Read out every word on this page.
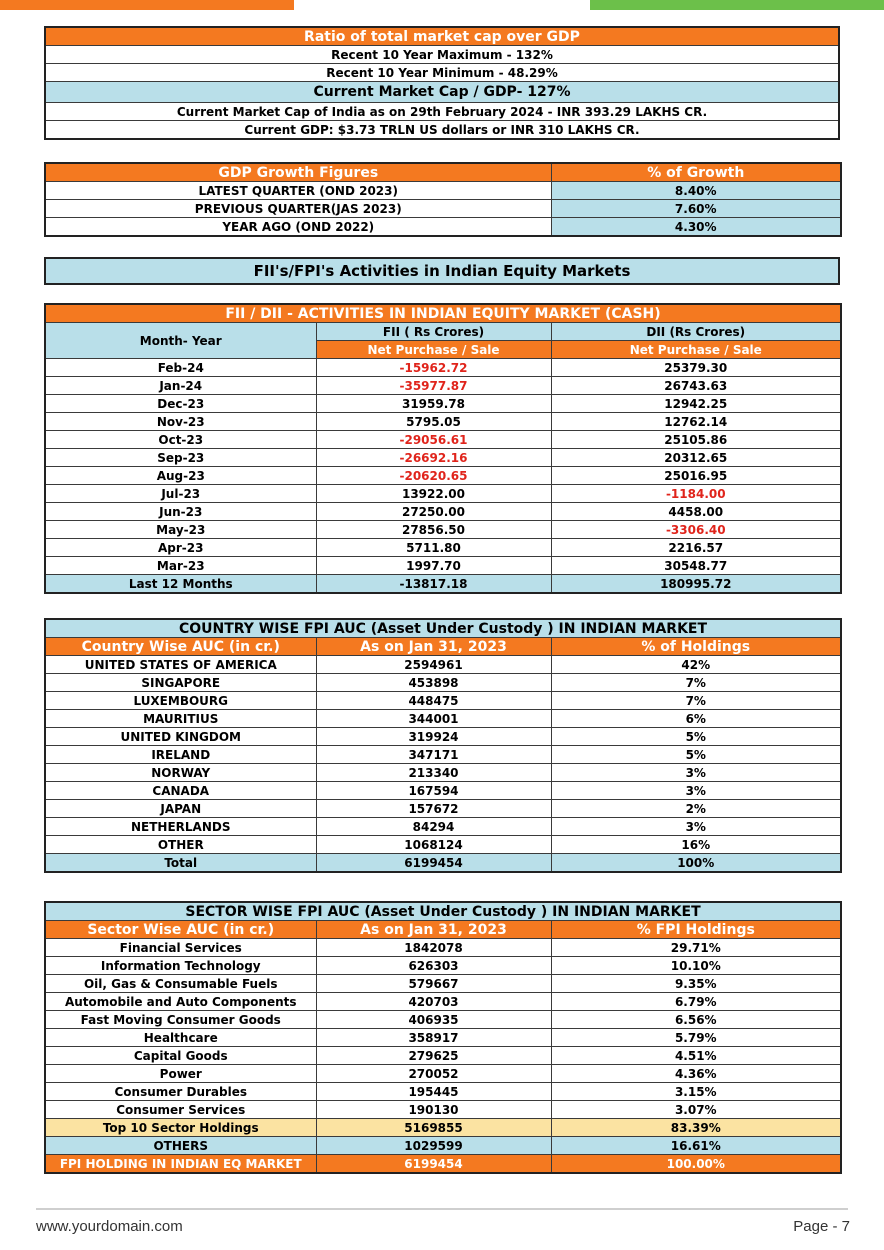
Ratio of total market cap over GDP
Recent 10 Year Maximum - 132%
Recent 10 Year Minimum - 48.29%
Current Market Cap / GDP- 127%
Current Market Cap of India as on 29th February 2024 - INR 393.29 LAKHS CR.
Current GDP: $3.73 TRLN US dollars or INR 310 LAKHS CR.
GDP Growth Figures	% of Growth
LATEST QUARTER (OND 2023)	8.40%
PREVIOUS QUARTER(JAS 2023)	7.60%
YEAR AGO (OND 2022)	4.30%
FII's/FPI's Activities in Indian Equity Markets
FII / DII - ACTIVITIES IN INDIAN EQUITY MARKET (CASH)		
Month- Year	FII ( Rs Crores)	DII (Rs Crores)
	Net Purchase / Sale	Net Purchase / Sale
Feb-24	-15962.72	25379.30
Jan-24	-35977.87	26743.63
Dec-23	31959.78	12942.25
Nov-23	5795.05	12762.14
Oct-23	-29056.61	25105.86
Sep-23	-26692.16	20312.65
Aug-23	-20620.65	25016.95
Jul-23	13922.00	-1184.00
Jun-23	27250.00	4458.00
May-23	27856.50	-3306.40
Apr-23	5711.80	2216.57
Mar-23	1997.70	30548.77
Last 12 Months	-13817.18	180995.72
COUNTRY WISE FPI AUC (Asset Under Custody ) IN INDIAN MARKET		
Country Wise AUC (in cr.)	As on Jan 31, 2023	% of Holdings
UNITED STATES OF AMERICA	2594961	42%
SINGAPORE	453898	7%
LUXEMBOURG	448475	7%
MAURITIUS	344001	6%
UNITED KINGDOM	319924	5%
IRELAND	347171	5%
NORWAY	213340	3%
CANADA	167594	3%
JAPAN	157672	2%
NETHERLANDS	84294	3%
OTHER	1068124	16%
Total	6199454	100%
SECTOR WISE FPI AUC (Asset Under Custody ) IN INDIAN MARKET		
Sector Wise AUC (in cr.)	As on Jan 31, 2023	% FPI Holdings
Financial Services	1842078	29.71%
Information Technology	626303	10.10%
Oil, Gas & Consumable Fuels	579667	9.35%
Automobile and Auto Components	420703	6.79%
Fast Moving Consumer Goods	406935	6.56%
Healthcare	358917	5.79%
Capital Goods	279625	4.51%
Power	270052	4.36%
Consumer Durables	195445	3.15%
Consumer Services	190130	3.07%
Top 10 Sector Holdings	5169855	83.39%
OTHERS	1029599	16.61%
FPI HOLDING IN INDIAN EQ MARKET	6199454	100.00%
www.yourdomain.com	Page - 7
